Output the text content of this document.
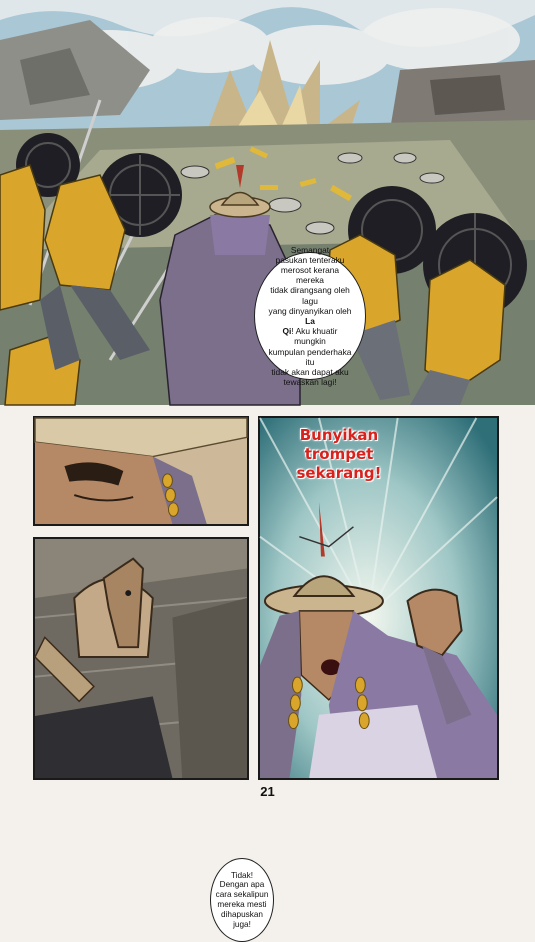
Semangat
pasukan tenteraku
merosot kerana mereka
tidak dirangsang oleh lagu
yang dinyanyikan oleh La
Qi! Aku khuatir mungkin
kumpulan penderhaka itu
tidak akan dapat aku
tewaskan lagi!
Tidak!
Dengan apa
cara sekalipun
mereka mesti
dihapuskan
juga!
Bunyikan
trompet
sekarang!
21
